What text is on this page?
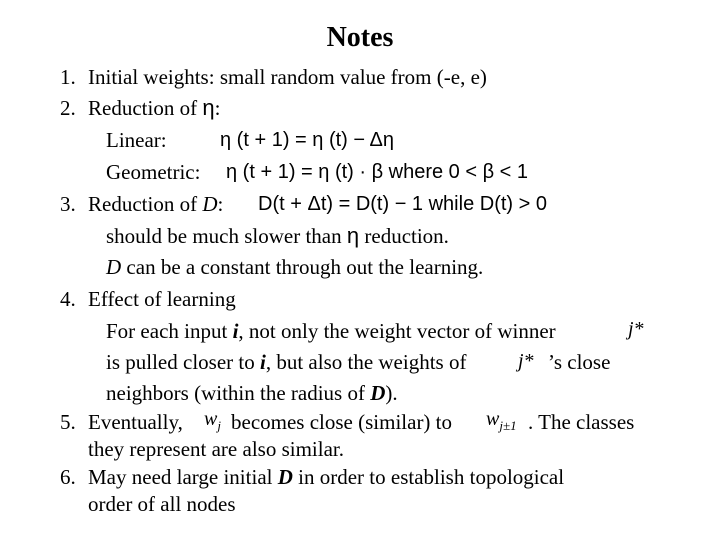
Notes
1. Initial weights: small random value from (-e, e)
2. Reduction of η:
Linear:	η (t + 1) = η (t) − Δη
Geometric: η (t + 1) = η (t) · β where 0 < β < 1
3. Reduction of D: D(t + Δt) = D(t) − 1 while D(t) > 0
should be much slower than η reduction.
D can be a constant through out the learning.
4. Effect of learning
For each input i, not only the weight vector of winner	j*
is pulled closer to i, but also the weights of	j* ’s close
neighbors (within the radius of D).
5. Eventually, $w_j$ becomes close (similar) to $w_{j\pm 1}$ . The classes
they represent are also similar.
6. May need large initial D in order to establish topological
order of all nodes
